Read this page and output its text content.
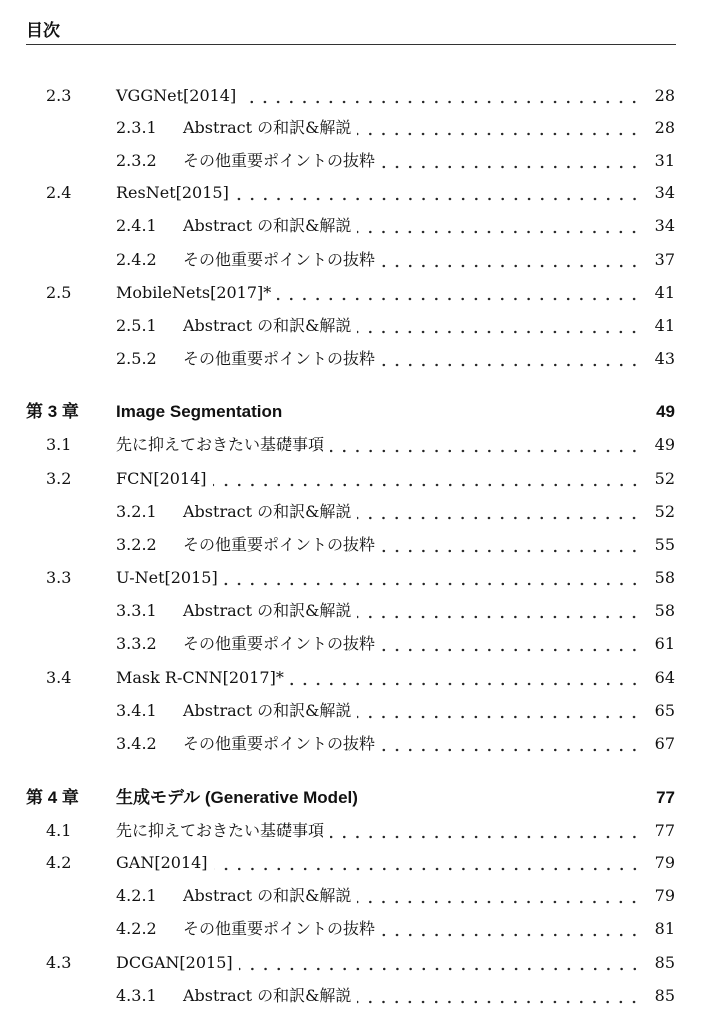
目次
2.3	VGGNet[2014]	28
2.3.1 Abstract の和訳&解説	28
2.3.2 その他重要ポイントの抜粋	31
2.4	ResNet[2015]	34
2.4.1 Abstract の和訳&解説	34
2.4.2 その他重要ポイントの抜粋	37
2.5	MobileNets[2017]*	41
2.5.1 Abstract の和訳&解説	41
2.5.2 その他重要ポイントの抜粋	43
第 3 章 Image Segmentation	49
3.1	先に抑えておきたい基礎事項	49
3.2	FCN[2014]	52
3.2.1 Abstract の和訳&解説	52
3.2.2 その他重要ポイントの抜粋	55
3.3	U-Net[2015]	58
3.3.1 Abstract の和訳&解説	58
3.3.2 その他重要ポイントの抜粋	61
3.4	Mask R-CNN[2017]*	64
3.4.1 Abstract の和訳&解説	65
3.4.2 その他重要ポイントの抜粋	67
第 4 章 生成モデル (Generative Model)	77
4.1	先に抑えておきたい基礎事項	77
4.2	GAN[2014]	79
4.2.1 Abstract の和訳&解説	79
4.2.2 その他重要ポイントの抜粋	81
4.3	DCGAN[2015]	85
4.3.1 Abstract の和訳&解説	85
